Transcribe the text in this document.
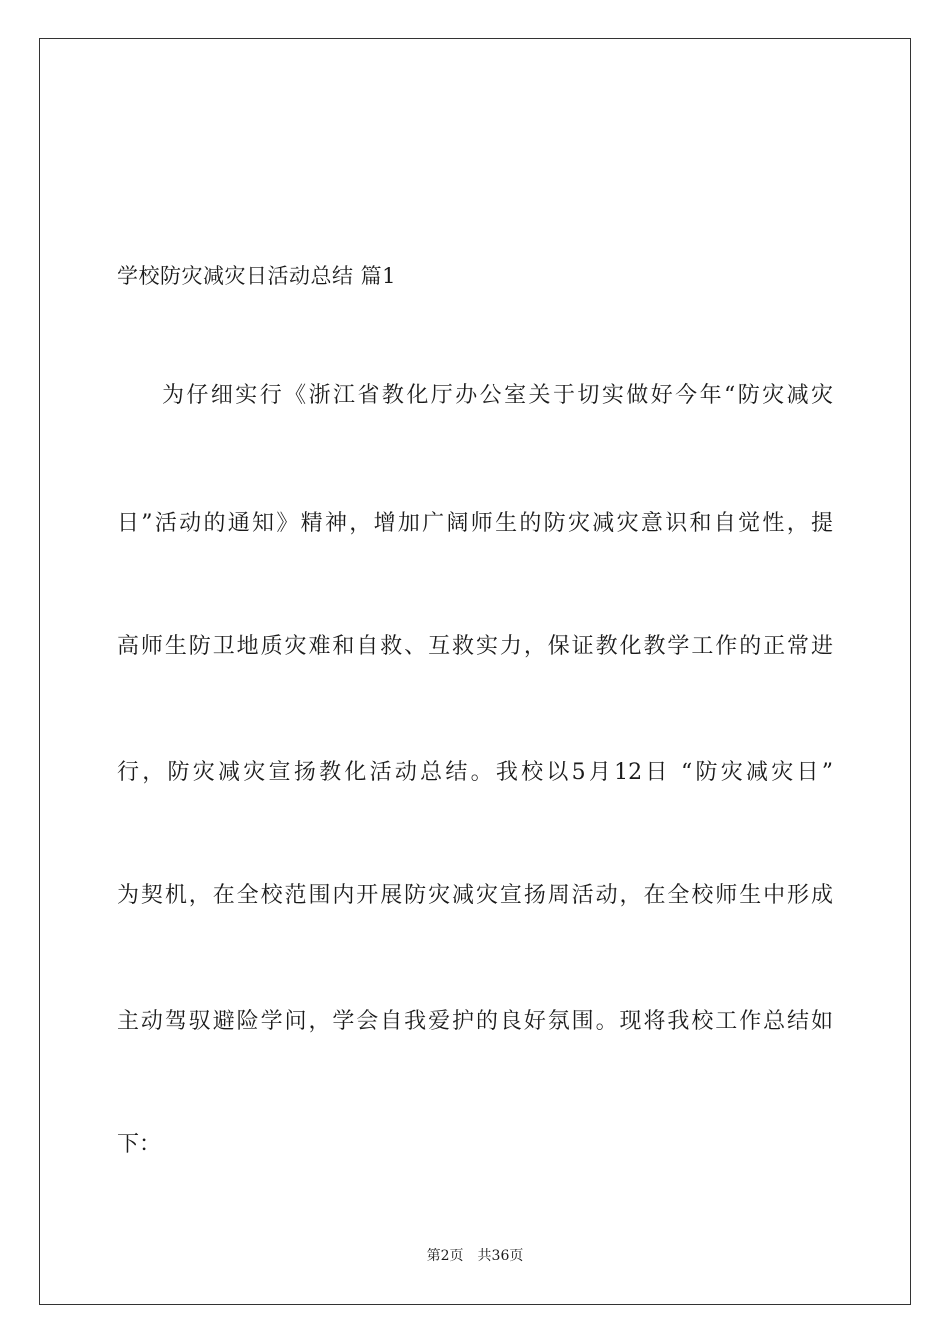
学校防灾减灾日活动总结 篇1
为仔细实行《浙江省教化厅办公室关于切实做好今年“防灾减灾
日”活动的通知》精神，增加广阔师生的防灾减灾意识和自觉性，提
高师生防卫地质灾难和自救、互救实力，保证教化教学工作的正常进
行，防灾减灾宣扬教化活动总结。我校以5月12日 “防灾减灾日”
为契机，在全校范围内开展防灾减灾宣扬周活动，在全校师生中形成
主动驾驭避险学问，学会自我爱护的良好氛围。现将我校工作总结如
下：
第2页 共36页
